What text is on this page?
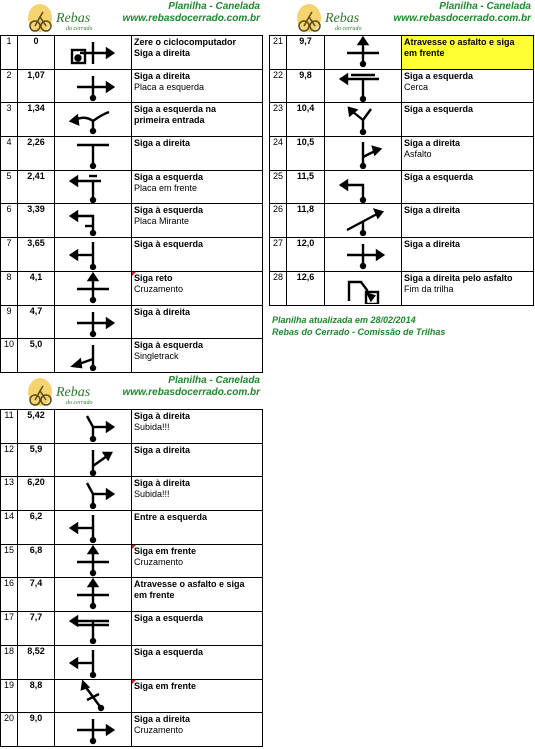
Rebas
do cerrado
Planilha - Canelada
www.rebasdocerrado.com.br
1	0		Zere o ciclocomputador
Siga a direita

2	1,07		Siga a direita
Placa a esquerda

3	1,34		Siga a esquerda na
primeira entrada

4	2,26		Siga a direita

5	2,41		Siga a esquerda
Placa em frente

6	3,39		Siga à esquerda
Placa Mirante

7	3,65		Siga à esquerda

8	4,1		Siga reto
Cruzamento

9	4,7		Siga à direita

10	5,0		Siga à esquerda
Singletrack
Rebas
do cerrado
Planilha - Canelada
www.rebasdocerrado.com.br
11	5,42		Siga à direita
Subida!!!

12	5,9		Siga a direita

13	6,20		Siga à direita
Subida!!!

14	6,2		Entre a esquerda

15	6,8		Siga em frente
Cruzamento

16	7,4		Atravesse o asfalto e siga
em frente

17	7,7		Siga a esquerda

18	8,52		Siga a esquerda

19	8,8		Siga em frente

20	9,0		Siga a direita
Cruzamento
Rebas
do cerrado
Planilha - Canelada
www.rebasdocerrado.com.br
21	9,7		Atravesse o asfalto e siga
em frente

22	9,8		Siga a esquerda
Cerca

23	10,4		Siga a esquerda

24	10,5		Siga a direita
Asfalto

25	11,5		Siga a esquerda

26	11,8		Siga a direita

27	12,0		Siga a direita

28	12,6		Siga a direita pelo asfalto
Fim da trilha
Planilha atualizada em 28/02/2014
Rebas do Cerrado - Comissão de Trilhas
